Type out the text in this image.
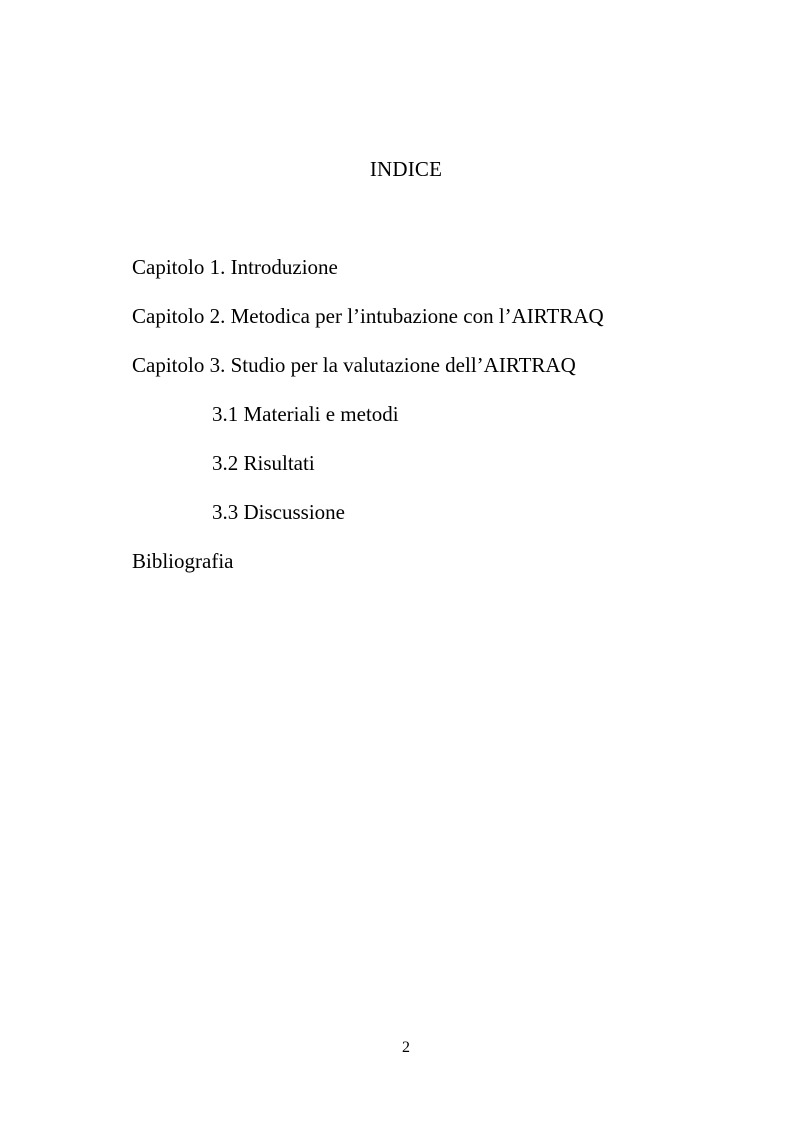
INDICE
Capitolo 1. Introduzione
Capitolo 2. Metodica per l’intubazione con l’AIRTRAQ
Capitolo 3. Studio per la valutazione dell’AIRTRAQ
3.1 Materiali e metodi
3.2 Risultati
3.3 Discussione
Bibliografia
2
